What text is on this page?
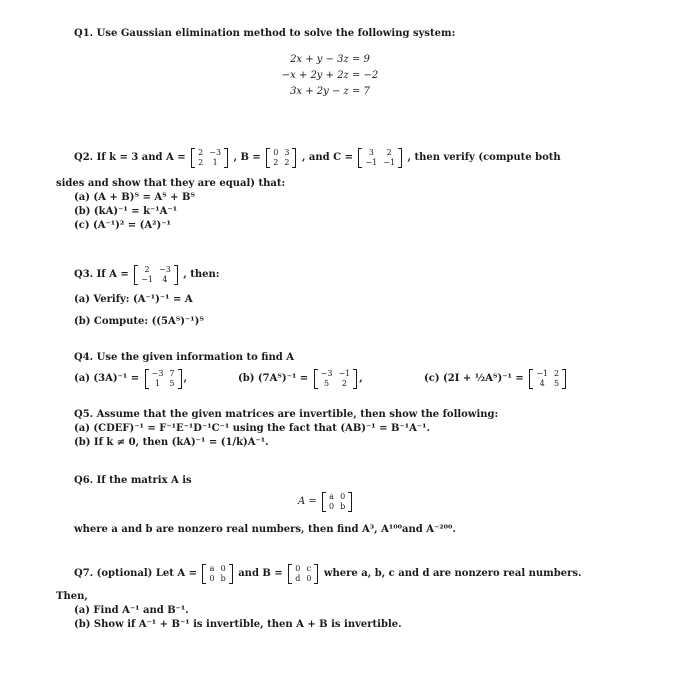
Q1. Use Gaussian elimination method to solve the following system:
2x + y − 3z = 9
−x + 2y + 2z = −2
3x + 2y − z = 7
Q2. If k = 3 and A = 2	−3
2	1 , B = 0	3
2	2 , and C = 3	2
−1	−1 , then verify (compute both
sides and show that they are equal) that:
(a) (A + B)ᵀ = Aᵀ + Bᵀ
(b) (kA)⁻¹ = k⁻¹A⁻¹
(c) (A⁻¹)² = (A²)⁻¹
Q3. If A = 2	−3
−1	4 , then:
(a) Verify: (A⁻¹)⁻¹ = A
(b) Compute: ((5Aᵀ)⁻¹)ᵀ
Q4. Use the given information to find A
(a) (3A)⁻¹ = −3	7
1	5 ,	(b) (7Aᵀ)⁻¹ = −3	−1
5	2 ,	(c) (2I + ½Aᵀ)⁻¹ = −1	2
4	5
Q5. Assume that the given matrices are invertible, then show the following:
(a) (CDEF)⁻¹ = F⁻¹E⁻¹D⁻¹C⁻¹ using the fact that (AB)⁻¹ = B⁻¹A⁻¹.
(b) If k ≠ 0, then (kA)⁻¹ = (1/k)A⁻¹.
Q6. If the matrix A is
A = a	0
0	b
where a and b are nonzero real numbers, then find A³, A¹⁰⁰and A⁻²⁰⁰.
Q7. (optional) Let A = a	0
0	b and B = 0	c
d	0 where a, b, c and d are nonzero real numbers.
Then,
(a) Find A⁻¹ and B⁻¹.
(b) Show if A⁻¹ + B⁻¹ is invertible, then A + B is invertible.
